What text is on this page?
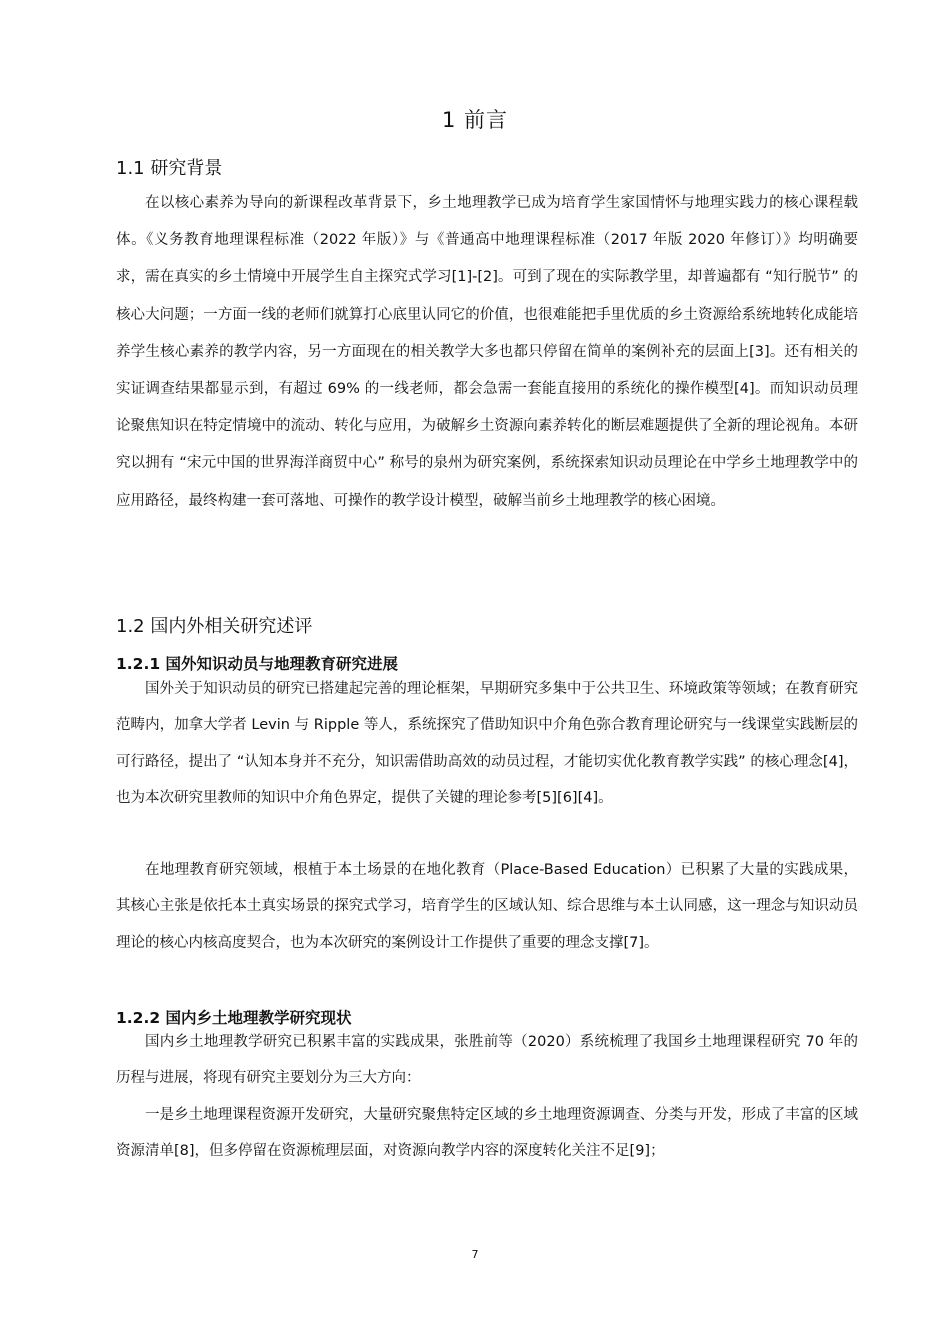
1 前言
1.1 研究背景

在以核心素养为导向的新课程改革背景下，乡土地理教学已成为培育学生家国情怀与地理实践力的核心课程载体。《义务教育地理课程标准（2022 年版）》与《普通高中地理课程标准（2017 年版 2020 年修订）》均明确要求，需在真实的乡土情境中开展学生自主探究式学习[1]-[2]。可到了现在的实际教学里，却普遍都有 “知行脱节” 的核心大问题；一方面一线的老师们就算打心底里认同它的价值，也很难能把手里优质的乡土资源给系统地转化成能培养学生核心素养的教学内容，另一方面现在的相关教学大多也都只停留在简单的案例补充的层面上[3]。还有相关的实证调查结果都显示到，有超过 69% 的一线老师，都会急需一套能直接用的系统化的操作模型[4]。而知识动员理论聚焦知识在特定情境中的流动、转化与应用，为破解乡土资源向素养转化的断层难题提供了全新的理论视角。本研究以拥有 “宋元中国的世界海洋商贸中心” 称号的泉州为研究案例，系统探索知识动员理论在中学乡土地理教学中的应用路径，最终构建一套可落地、可操作的教学设计模型，破解当前乡土地理教学的核心困境。

1.2 国内外相关研究述评
1.2.1 国外知识动员与地理教育研究进展

国外关于知识动员的研究已搭建起完善的理论框架，早期研究多集中于公共卫生、环境政策等领域；在教育研究范畴内，加拿大学者 Levin 与 Ripple 等人，系统探究了借助知识中介角色弥合教育理论研究与一线课堂实践断层的可行路径，提出了 “认知本身并不充分，知识需借助高效的动员过程，才能切实优化教育教学实践” 的核心理念[4]，也为本次研究里教师的知识中介角色界定，提供了关键的理论参考[5][6][4]。

在地理教育研究领域，根植于本土场景的在地化教育（Place-Based Education）已积累了大量的实践成果，其核心主张是依托本土真实场景的探究式学习，培育学生的区域认知、综合思维与本土认同感，这一理念与知识动员理论的核心内核高度契合，也为本次研究的案例设计工作提供了重要的理念支撑[7]。

1.2.2 国内乡土地理教学研究现状

国内乡土地理教学研究已积累丰富的实践成果，张胜前等（2020）系统梳理了我国乡土地理课程研究 70 年的历程与进展，将现有研究主要划分为三大方向：

一是乡土地理课程资源开发研究，大量研究聚焦特定区域的乡土地理资源调查、分类与开发，形成了丰富的区域资源清单[8]，但多停留在资源梳理层面，对资源向教学内容的深度转化关注不足[9]；

7
